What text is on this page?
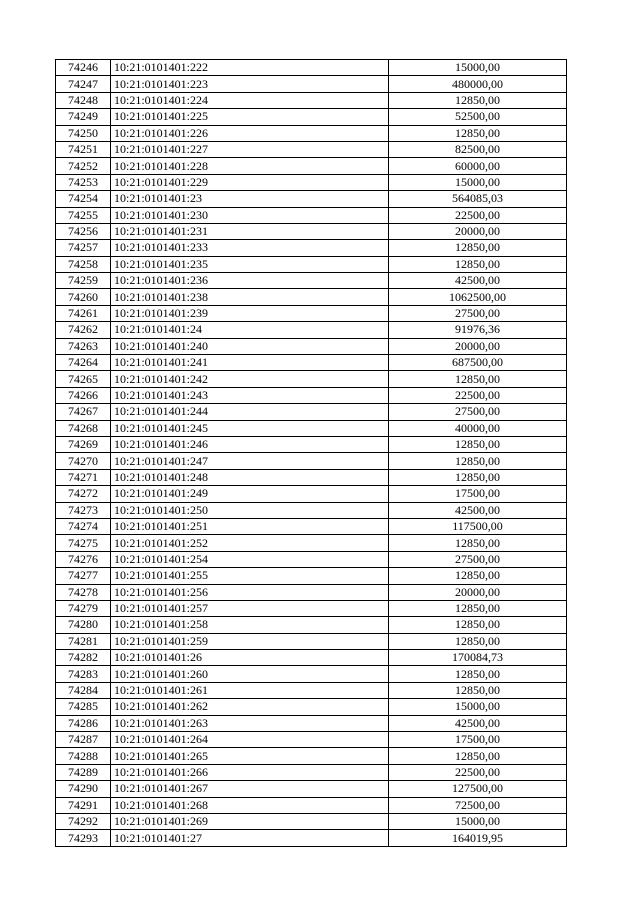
74246	10:21:0101401:222	15000,00
74247	10:21:0101401:223	480000,00
74248	10:21:0101401:224	12850,00
74249	10:21:0101401:225	52500,00
74250	10:21:0101401:226	12850,00
74251	10:21:0101401:227	82500,00
74252	10:21:0101401:228	60000,00
74253	10:21:0101401:229	15000,00
74254	10:21:0101401:23	564085,03
74255	10:21:0101401:230	22500,00
74256	10:21:0101401:231	20000,00
74257	10:21:0101401:233	12850,00
74258	10:21:0101401:235	12850,00
74259	10:21:0101401:236	42500,00
74260	10:21:0101401:238	1062500,00
74261	10:21:0101401:239	27500,00
74262	10:21:0101401:24	91976,36
74263	10:21:0101401:240	20000,00
74264	10:21:0101401:241	687500,00
74265	10:21:0101401:242	12850,00
74266	10:21:0101401:243	22500,00
74267	10:21:0101401:244	27500,00
74268	10:21:0101401:245	40000,00
74269	10:21:0101401:246	12850,00
74270	10:21:0101401:247	12850,00
74271	10:21:0101401:248	12850,00
74272	10:21:0101401:249	17500,00
74273	10:21:0101401:250	42500,00
74274	10:21:0101401:251	117500,00
74275	10:21:0101401:252	12850,00
74276	10:21:0101401:254	27500,00
74277	10:21:0101401:255	12850,00
74278	10:21:0101401:256	20000,00
74279	10:21:0101401:257	12850,00
74280	10:21:0101401:258	12850,00
74281	10:21:0101401:259	12850,00
74282	10:21:0101401:26	170084,73
74283	10:21:0101401:260	12850,00
74284	10:21:0101401:261	12850,00
74285	10:21:0101401:262	15000,00
74286	10:21:0101401:263	42500,00
74287	10:21:0101401:264	17500,00
74288	10:21:0101401:265	12850,00
74289	10:21:0101401:266	22500,00
74290	10:21:0101401:267	127500,00
74291	10:21:0101401:268	72500,00
74292	10:21:0101401:269	15000,00
74293	10:21:0101401:27	164019,95
